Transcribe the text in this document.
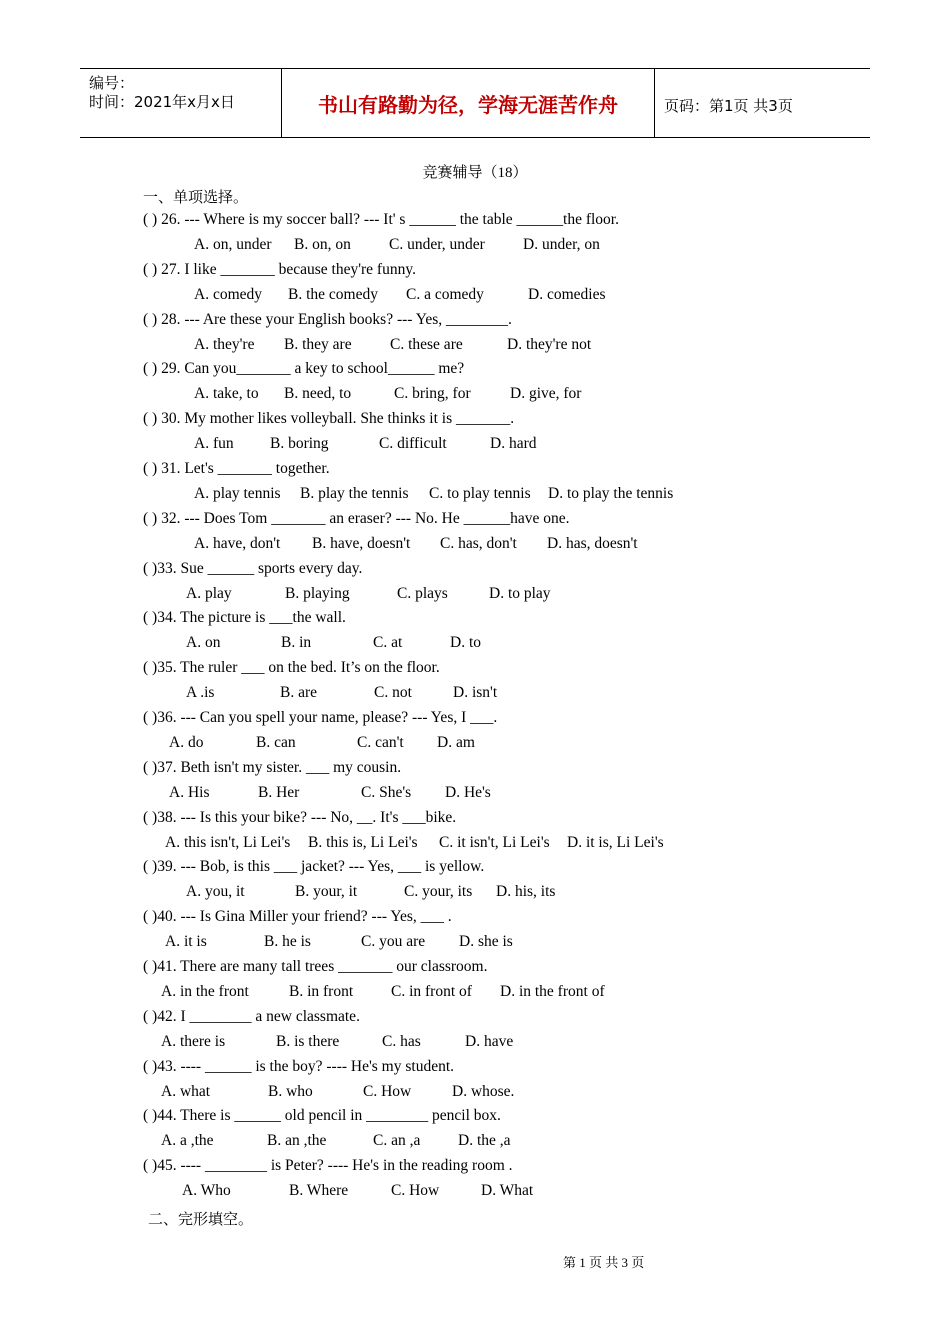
编号：
时间：2021年x月x日	书山有路勤为径，学海无涯苦作舟	页码：第1页 共3页
竞赛辅导（18）
一、单项选择。
( ) 26. --- Where is my soccer ball? --- It' s ______ the table ______the floor.
A. on, under B. on, on C. under, under D. under, on
( ) 27. I like _______ because they're funny.
A. comedy B. the comedy C. a comedy	D. comedies
( ) 28. --- Are these your English books? --- Yes, ________.
A. they're B. they are C. these are	D. they're not
( ) 29. Can you_______ a key to school______ me?
A. take, to B. need, to	C. bring, for	D. give, for
( ) 30. My mother likes volleyball. She thinks it is _______.
A. fun B. boring	C. difficult	D. hard
( ) 31. Let's _______ together.
A. play tennis B. play the tennis C. to play tennis D. to play the tennis
( ) 32. --- Does Tom _______ an eraser? --- No. He ______have one.
A. have, don't B. have, doesn't C. has, don't D. has, doesn't
( )33. Sue ______ sports every day.
A. play	B. playing	C. plays	D. to play
( )34. The picture is ___the wall.
A. on	B. in	C. at	D. to
( )35. The ruler ___ on the bed. It’s on the floor.
A .is	B. are	C. not	D. isn't
( )36. --- Can you spell your name, please? --- Yes, I ___.
A. do	B. can	C. can't D. am
( )37. Beth isn't my sister. ___ my cousin.
A. His	B. Her	C. She's D. He's
( )38. --- Is this your bike? --- No, __. It's ___bike.
A. this isn't, Li Lei's B. this is, Li Lei's C. it isn't, Li Lei's D. it is, Li Lei's
( )39. --- Bob, is this ___ jacket? --- Yes, ___ is yellow.
A. you, it	B. your, it	C. your, its D. his, its
( )40. --- Is Gina Miller your friend? --- Yes, ___ .
A. it is	B. he is	C. you are D. she is
( )41. There are many tall trees _______ our classroom.
A. in the front	B. in front C. in front of D. in the front of
( )42. I ________ a new classmate.
A. there is	B. is there	C. has	D. have
( )43. ---- ______ is the boy? ---- He's my student.
A. what	B. who	C. How	D. whose.
( )44. There is ______ old pencil in ________ pencil box.
A. a ,the	B. an ,the	C. an ,a D. the ,a
( )45. ---- ________ is Peter? ---- He's in the reading room .
A. Who	B. Where	C. How	D. What
二、完形填空。
第 1 页 共 3 页
